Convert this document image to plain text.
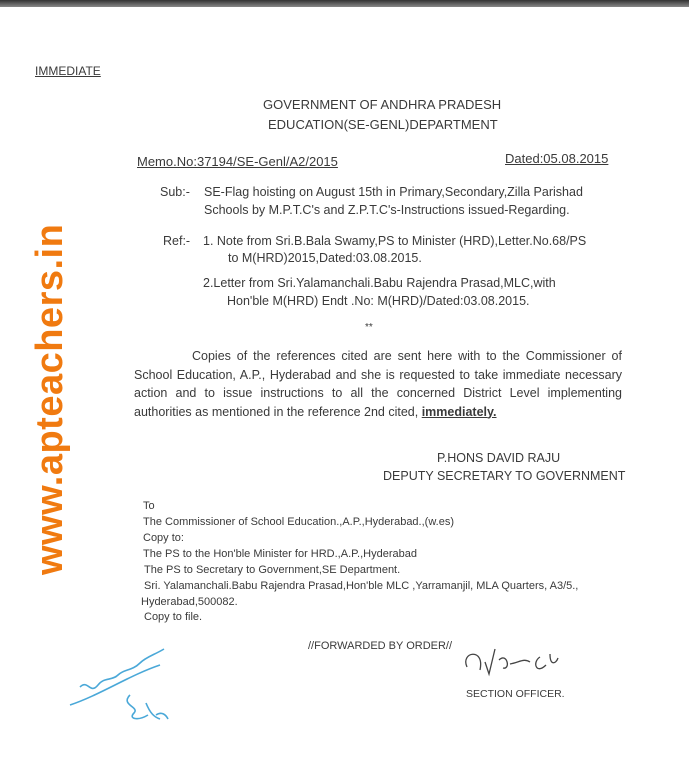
IMMEDIATE
GOVERNMENT OF ANDHRA PRADESH
EDUCATION(SE-GENL)DEPARTMENT
Memo.No:37194/SE-Genl/A2/2015	Dated:05.08.2015
Sub:- SE-Flag hoisting on August 15th in Primary,Secondary,Zilla Parishad
Schools by M.P.T.C's and Z.P.T.C's-Instructions issued-Regarding.
Ref:- 1. Note from Sri.B.Bala Swamy,PS to Minister (HRD),Letter.No.68/PS
to M(HRD)2015,Dated:03.08.2015.
2.Letter from Sri.Yalamanchali.Babu Rajendra Prasad,MLC,with
Hon'ble M(HRD) Endt .No: M(HRD)/Dated:03.08.2015.
**
Copies of the references cited are sent here with to the Commissioner of School Education, A.P., Hyderabad and she is requested to take immediate necessary action and to issue instructions to all the concerned District Level implementing authorities as mentioned in the reference 2nd cited, immediately.
P.HONS DAVID RAJU
DEPUTY SECRETARY TO GOVERNMENT
To
The Commissioner of School Education.,A.P.,Hyderabad.,(w.es)
Copy to:
The PS to the Hon'ble Minister for HRD.,A.P.,Hyderabad
The PS to Secretary to Government,SE Department.
Sri. Yalamanchali.Babu Rajendra Prasad,Hon'ble MLC ,Yarramanjil, MLA Quarters, A3/5.,
Hyderabad,500082.
Copy to file.
//FORWARDED BY ORDER//
SECTION OFFICER.
www.apteachers.in
